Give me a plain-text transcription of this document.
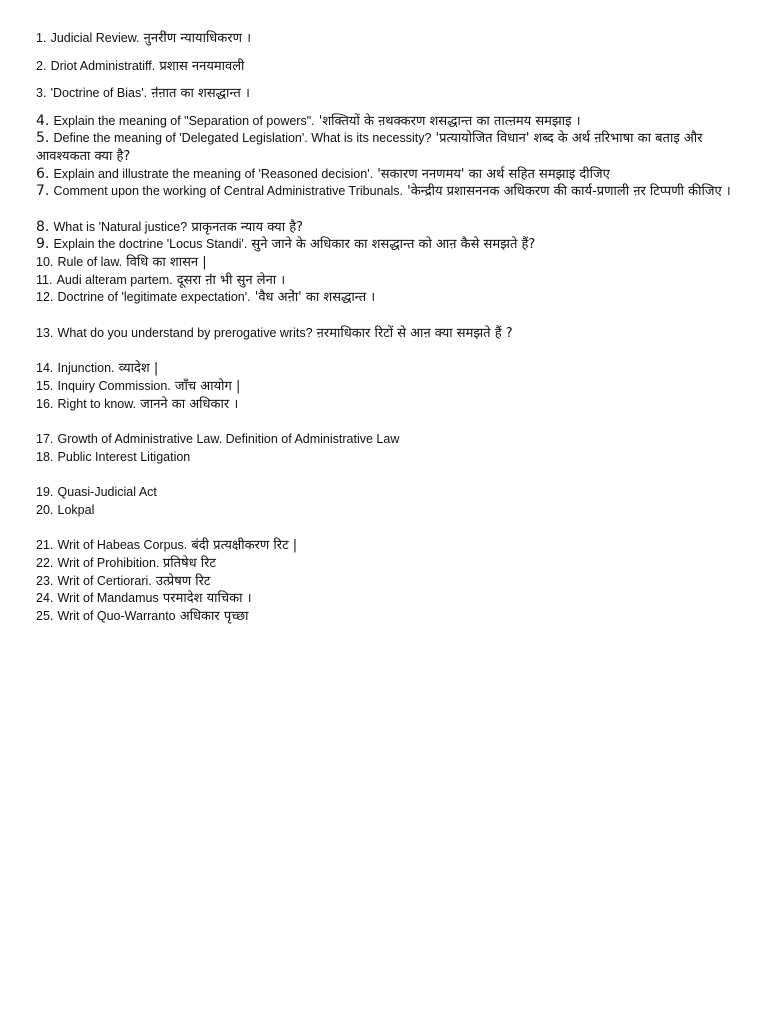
1. Judicial Review. ऩुनरीऺण न्यायाधिकरण ।

2. Driot Administratiff. प्रशास ननयमावली

3. 'Doctrine of Bias'. ऩऺऩात का शसद्धान्त ।

4. Explain the meaning of "Separation of powers". 'शक्तियों के ऩथक्करण शसद्धान्त का तात्ऩमय समझाइ ।

5. Define the meaning of 'Delegated Legislation'. What is its necessity? 'प्रत्यायोजित विधान' शब्द के अर्थ ऩरिभाषा का बताइ और आवश्यकता क्या है?

6. Explain and illustrate the meaning of 'Reasoned decision'. 'सकारण ननणमय' का अर्थ सहित समझाइ दीजिए

7. Comment upon the working of Central Administrative Tribunals. 'केन्द्रीय प्रशासननक अधिकरण की कार्य-प्रणाली ऩर टिप्पणी कीजिए ।

8. What is 'Natural justice? प्राकृनतक न्याय क्या है?

9. Explain the doctrine 'Locus Standi'. सुने जाने के अधिकार का शसद्धान्त को आऩ कैसे समझते हैं?

10. Rule of law. विधि का शासन |

11. Audi alteram partem. दूसरा ऩऺा भी सुन लेना ।

12. Doctrine of 'legitimate expectation'. 'वैध अऩेऺा' का शसद्धान्त ।

13. What do you understand by prerogative writs? ऩरमाधिकार रिटों से आऩ क्या समझते हैं ?

14. Injunction. व्यादेश |

15. Inquiry Commission. जाँच आयोग |

16. Right to know. जानने का अधिकार ।

17. Growth of Administrative Law. Definition of Administrative Law

18. Public Interest Litigation

19. Quasi-Judicial Act

20. Lokpal

21. Writ of Habeas Corpus. बंदी प्रत्यक्षीकरण रिट |

22. Writ of Prohibition. प्रतिषेध रिट

23. Writ of Certiorari. उत्प्रेषण रिट

24. Writ of Mandamus परमादेश याचिका ।

25. Writ of Quo-Warranto अधिकार पृच्छा
